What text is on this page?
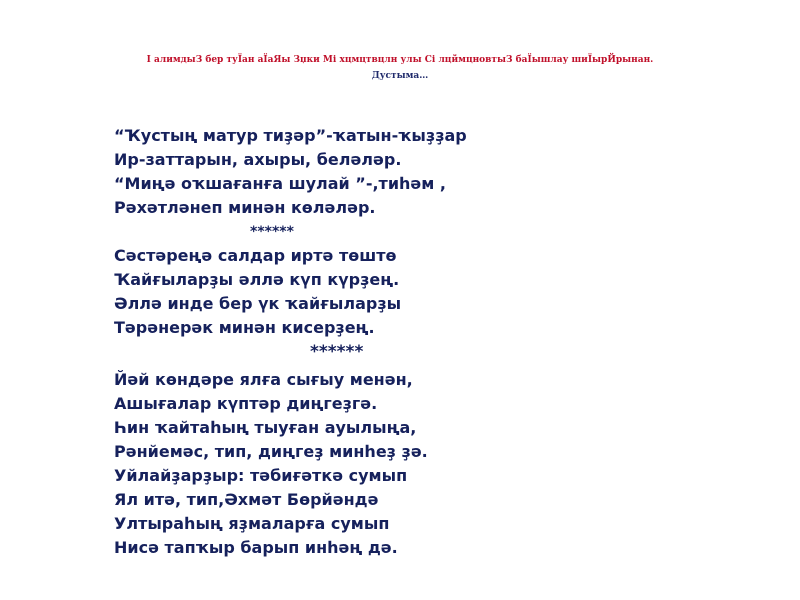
I алимдыЗ бер туЇан аЇаЯы Зџки Мі хцмцтвцлн улы Сі лцймцновтыЗ баЇышлау шиЇырЙрынан.
Дустыма…
“Ҡустың матур тиҙәр”-ҡатын-ҡыҙҙар
Ир-заттарын, ахыры, беләләр.
“Миңә оҡшағанға шулай ”-,тиһәм ,
Рәхәтләнеп минән көләләр.
******
Сәстәреңә салдар иртә төштө
Ҡайғыларҙы әллә күп күрҙең.
Әллә инде бер үк ҡайғыларҙы
Тәрәнерәк минән кисерҙең.
******
Йәй көндәре ялға сығыу менән,
Ашығалар күптәр диңгеҙгә.
Һин ҡайтаһың тыуған ауылыңа,
Рәнйемәс, тип, диңгеҙ минһеҙ ҙә.
Уйлайҙарҙыр: тәбиғәткә сумып
Ял итә, тип,Әхмәт Бөрйәндә
Ултыраһың яҙмаларға сумып
Нисә тапҡыр барып инһәң дә.
